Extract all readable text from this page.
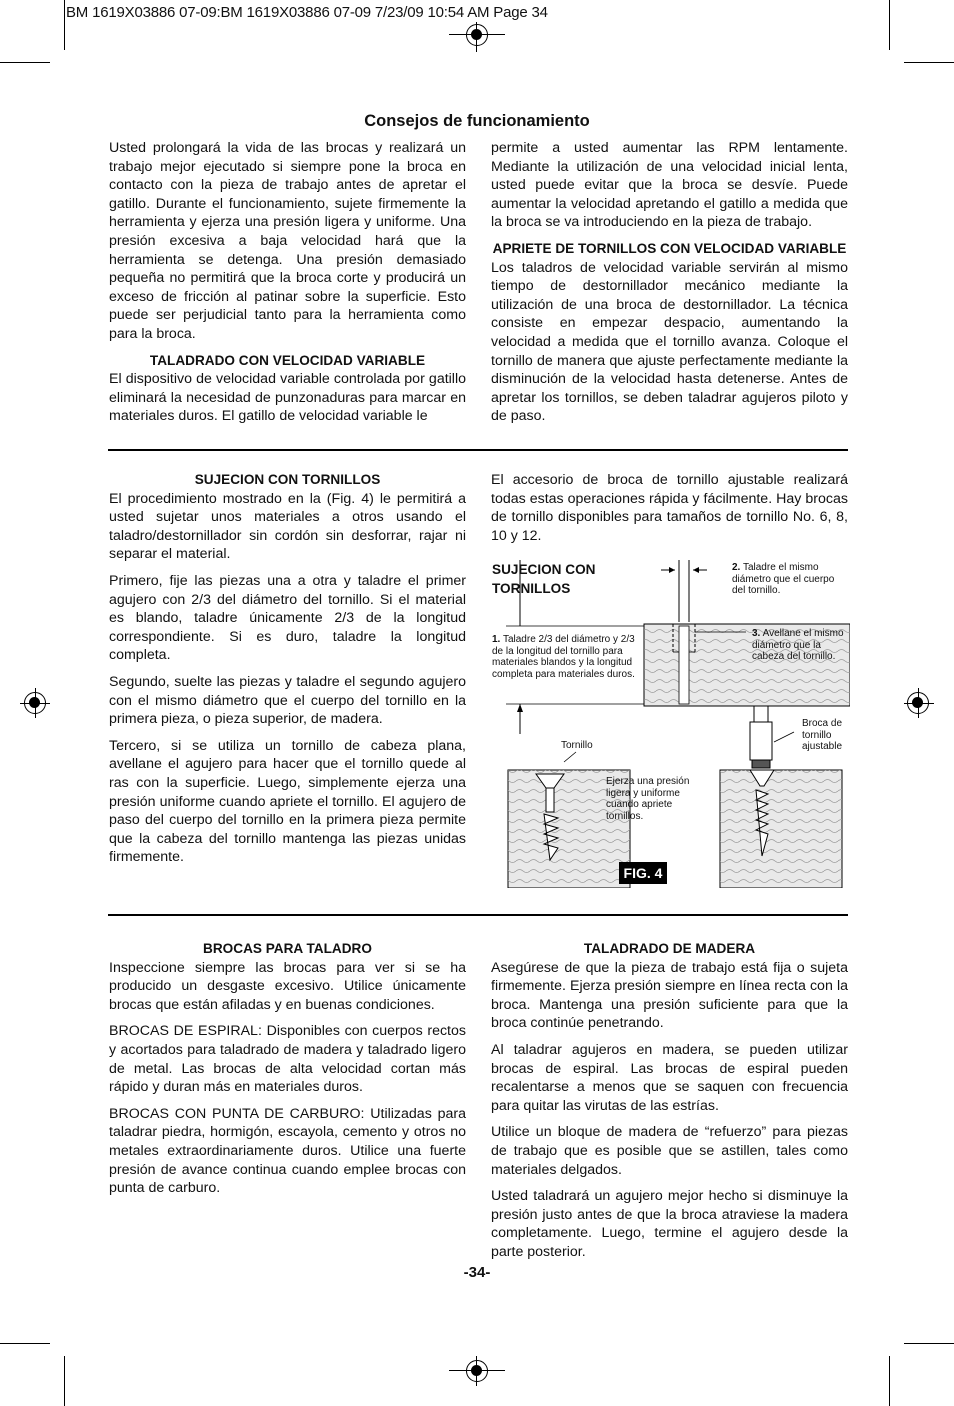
BM 1619X03886 07-09:BM 1619X03886 07-09 7/23/09 10:54 AM Page 34
Consejos de funcionamiento

Usted prolongará la vida de las brocas y realizará un trabajo mejor ejecutado si siempre pone la broca en contacto con la pieza de trabajo antes de apretar el gatillo. Durante el funcionamiento, sujete firmemente la herramienta y ejerza una presión ligera y uniforme. Una presión excesiva a baja velocidad hará que la herramienta se detenga. Una presión demasiado pequeña no permitirá que la broca corte y producirá un exceso de fricción al patinar sobre la superficie. Esto puede ser perjudicial tanto para la herramienta como para la broca.

TALADRADO CON VELOCIDAD VARIABLE

El dispositivo de velocidad variable controlada por gatillo eliminará la necesidad de punzonaduras para marcar en materiales duros. El gatillo de velocidad variable le

permite a usted aumentar las RPM lentamente. Mediante la utilización de una velocidad inicial lenta, usted puede evitar que la broca se desvíe. Puede aumentar la velocidad apretando el gatillo a medida que la broca se va introduciendo en la pieza de trabajo.

APRIETE DE TORNILLOS CON VELOCIDAD VARIABLE

Los taladros de velocidad variable servirán al mismo tiempo de destornillador mecánico mediante la utilización de una broca de destornillador. La técnica consiste en empezar despacio, aumentando la velocidad a medida que el tornillo avanza. Coloque el tornillo de manera que ajuste perfectamente mediante la disminución de la velocidad hasta detenerse. Antes de apretar los tornillos, se deben taladrar agujeros piloto y de paso.

SUJECION CON TORNILLOS

El procedimiento mostrado en la (Fig. 4) le permitirá a usted sujetar unos materiales a otros usando el taladro/destornillador sin cordón sin desforrar, rajar ni separar el material.

Primero, fije las piezas una a otra y taladre el primer agujero con 2/3 del diámetro del tornillo. Si el material es blando, taladre únicamente 2/3 de la longitud correspondiente. Si es duro, taladre la longitud completa.

Segundo, suelte las piezas y taladre el segundo agujero con el mismo diámetro que el cuerpo del tornillo en la primera pieza, o pieza superior, de madera.

Tercero, si se utiliza un tornillo de cabeza plana, avellane el agujero para hacer que el tornillo quede al ras con la superficie. Luego, simplemente ejerza una presión uniforme cuando apriete el tornillo. El agujero de paso del cuerpo del tornillo en la primera pieza permite que la cabeza del tornillo mantenga las piezas unidas firmemente.

El accesorio de broca de tornillo ajustable realizará todas estas operaciones rápida y fácilmente. Hay brocas de tornillo disponibles para tamaños de tornillo No. 6, 8, 10 y 12.

SUJECION CON
TORNILLOS
1. Taladre 2/3 del diámetro y 2/3 de la longitud del tornillo para materiales blandos y la longitud completa para materiales duros.
2. Taladre el mismo diámetro que el cuerpo del tornillo.
3. Avellane el mismo diámetro que la cabeza del tornillo.
Tornillo
Broca de tornillo ajustable
Ejerza una presión ligera y uniforme cuando apriete tornillos.
FIG. 4
BROCAS PARA TALADRO

Inspeccione siempre las brocas para ver si se ha producido un desgaste excesivo. Utilice únicamente brocas que están afiladas y en buenas condiciones.

BROCAS DE ESPIRAL: Disponibles con cuerpos rectos y acortados para taladrado de madera y taladrado ligero de metal. Las brocas de alta velocidad cortan más rápido y duran más en materiales duros.

BROCAS CON PUNTA DE CARBURO: Utilizadas para taladrar piedra, hormigón, escayola, cemento y otros no metales extraordinariamente duros. Utilice una fuerte presión de avance continua cuando emplee brocas con punta de carburo.

TALADRADO DE MADERA

Asegúrese de que la pieza de trabajo está fija o sujeta firmemente. Ejerza presión siempre en línea recta con la broca. Mantenga una presión suficiente para que la broca continúe penetrando.

Al taladrar agujeros en madera, se pueden utilizar brocas de espiral. Las brocas de espiral pueden recalentarse a menos que se saquen con frecuencia para quitar las virutas de las estrías.

Utilice un bloque de madera de “refuerzo” para piezas de trabajo que es posible que se astillen, tales como materiales delgados.

Usted taladrará un agujero mejor hecho si disminuye la presión justo antes de que la broca atraviese la madera completamente. Luego, termine el agujero desde la parte posterior.

-34-
